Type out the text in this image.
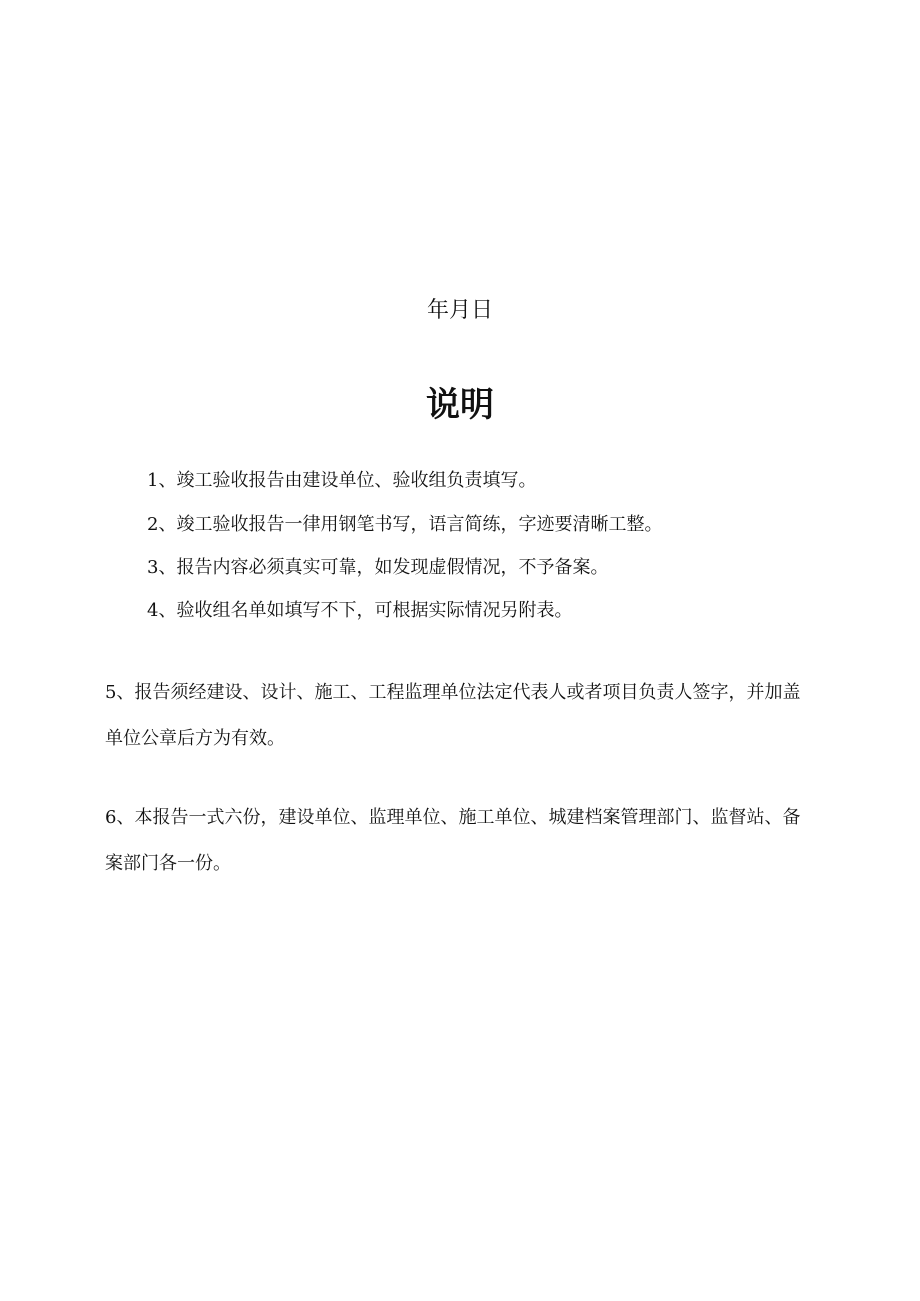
年月日
说明

1、竣工验收报告由建设单位、验收组负责填写。

2、竣工验收报告一律用钢笔书写，语言简练，字迹要清晰工整。

3、报告内容必须真实可靠，如发现虚假情况，不予备案。

4、验收组名单如填写不下，可根据实际情况另附表。

5、报告须经建设、设计、施工、工程监理单位法定代表人或者项目负责人签字，并加盖单位公章后方为有效。

6、本报告一式六份，建设单位、监理单位、施工单位、城建档案管理部门、监督站、备案部门各一份。
